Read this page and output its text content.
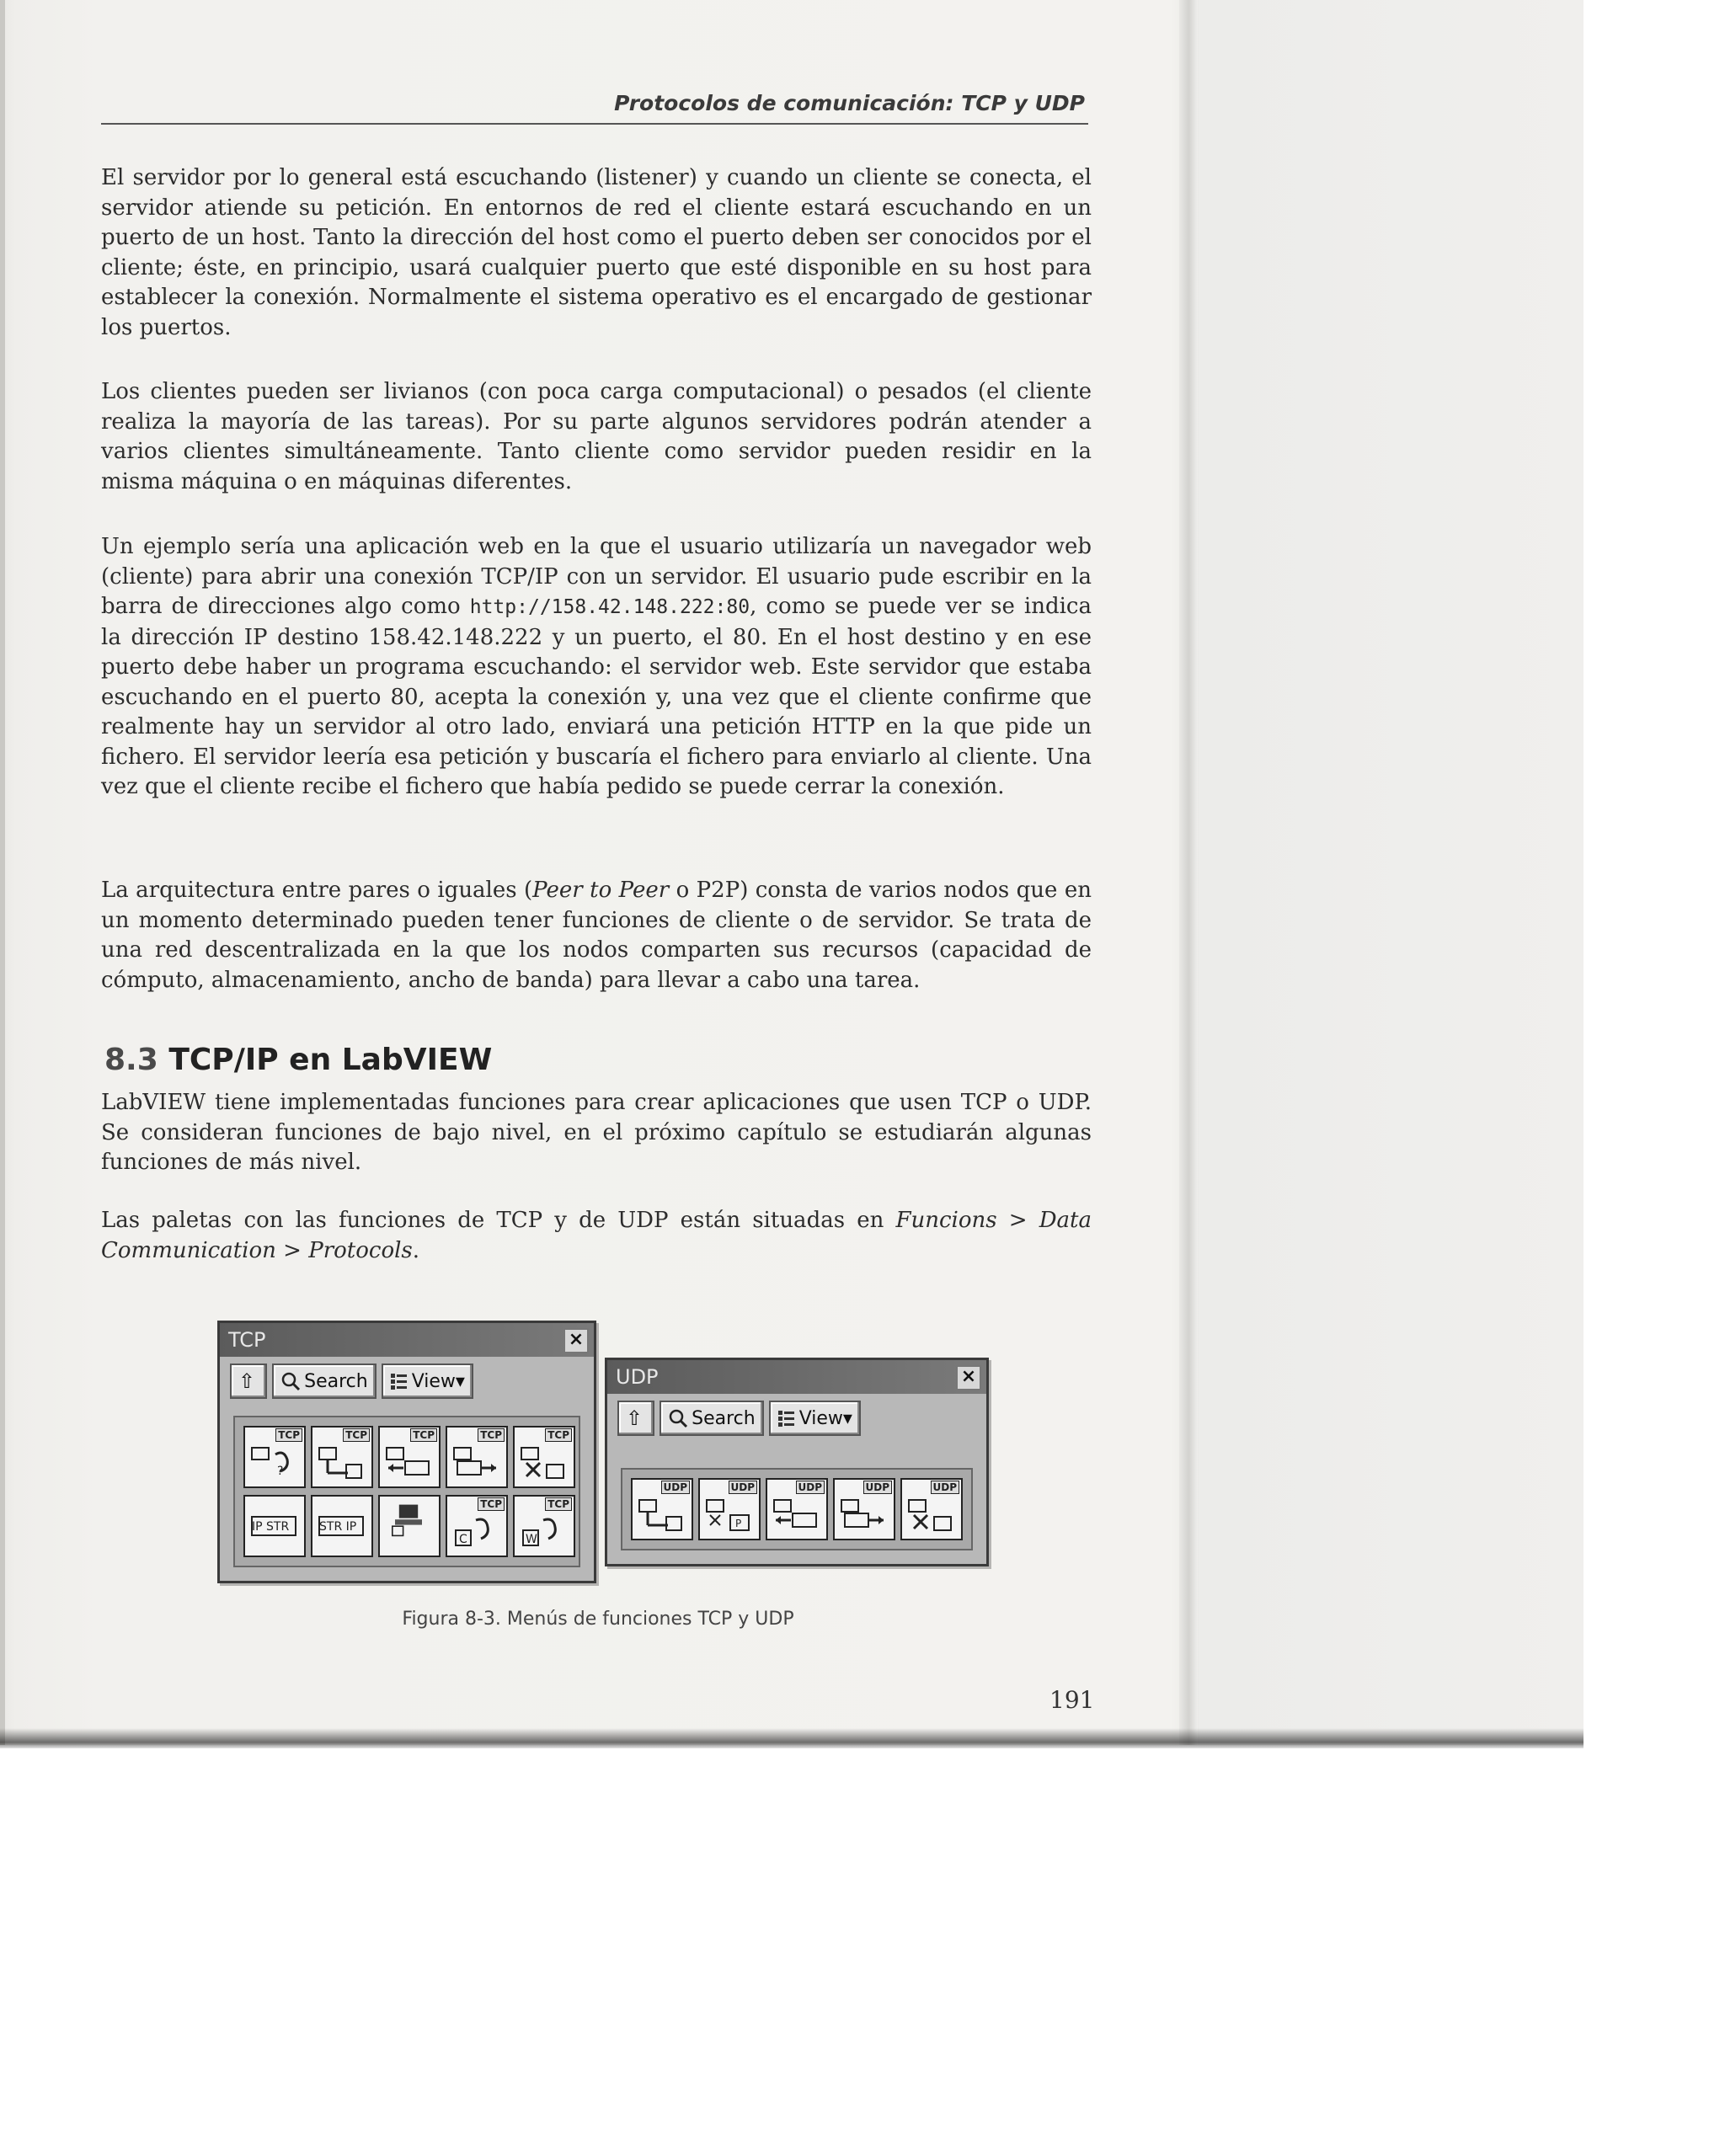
Protocolos de comunicación: TCP y UDP

El servidor por lo general está escuchando (listener) y cuando un cliente se conecta, el servidor atiende su petición. En entornos de red el cliente estará escuchando en un puerto de un host. Tanto la dirección del host como el puerto deben ser conocidos por el cliente; éste, en principio, usará cualquier puerto que esté disponible en su host para establecer la conexión. Normalmente el sistema operativo es el encargado de gestionar los puertos.

Los clientes pueden ser livianos (con poca carga computacional) o pesados (el cliente realiza la mayoría de las tareas). Por su parte algunos servidores podrán atender a varios clientes simultáneamente. Tanto cliente como servidor pueden residir en la misma máquina o en máquinas diferentes.

Un ejemplo sería una aplicación web en la que el usuario utilizaría un navegador web (cliente) para abrir una conexión TCP/IP con un servidor. El usuario pude escribir en la barra de direcciones algo como http://158.42.148.222:80, como se puede ver se indica la dirección IP destino 158.42.148.222 y un puerto, el 80. En el host destino y en ese puerto debe haber un programa escuchando: el servidor web. Este servidor que estaba escuchando en el puerto 80, acepta la conexión y, una vez que el cliente confirme que realmente hay un servidor al otro lado, enviará una petición HTTP en la que pide un fichero. El servidor leería esa petición y buscaría el fichero para enviarlo al cliente. Una vez que el cliente recibe el fichero que había pedido se puede cerrar la conexión.

La arquitectura entre pares o iguales (Peer to Peer o P2P) consta de varios nodos que en un momento determinado pueden tener funciones de cliente o de servidor. Se trata de una red descentralizada en la que los nodos comparten sus recursos (capacidad de cómputo, almacenamiento, ancho de banda) para llevar a cabo una tarea.

8.3 TCP/IP en LabVIEW

LabVIEW tiene implementadas funciones para crear aplicaciones que usen TCP o UDP. Se consideran funciones de bajo nivel, en el próximo capítulo se estudiarán algunas funciones de más nivel.

Las paletas con las funciones de TCP y de UDP están situadas en Funcions > Data Communication > Protocols.

TCP	×
⇧	Search View▾
TCP
?
TCP	TCP	TCP	TCP
IP STR	STR IP
TCP
C
TCP
W
UDP	×
⇧	Search View▾
UDP	UDP
P
UDP	UDP	UDP
Figura 8-3. Menús de funciones TCP y UDP
191
